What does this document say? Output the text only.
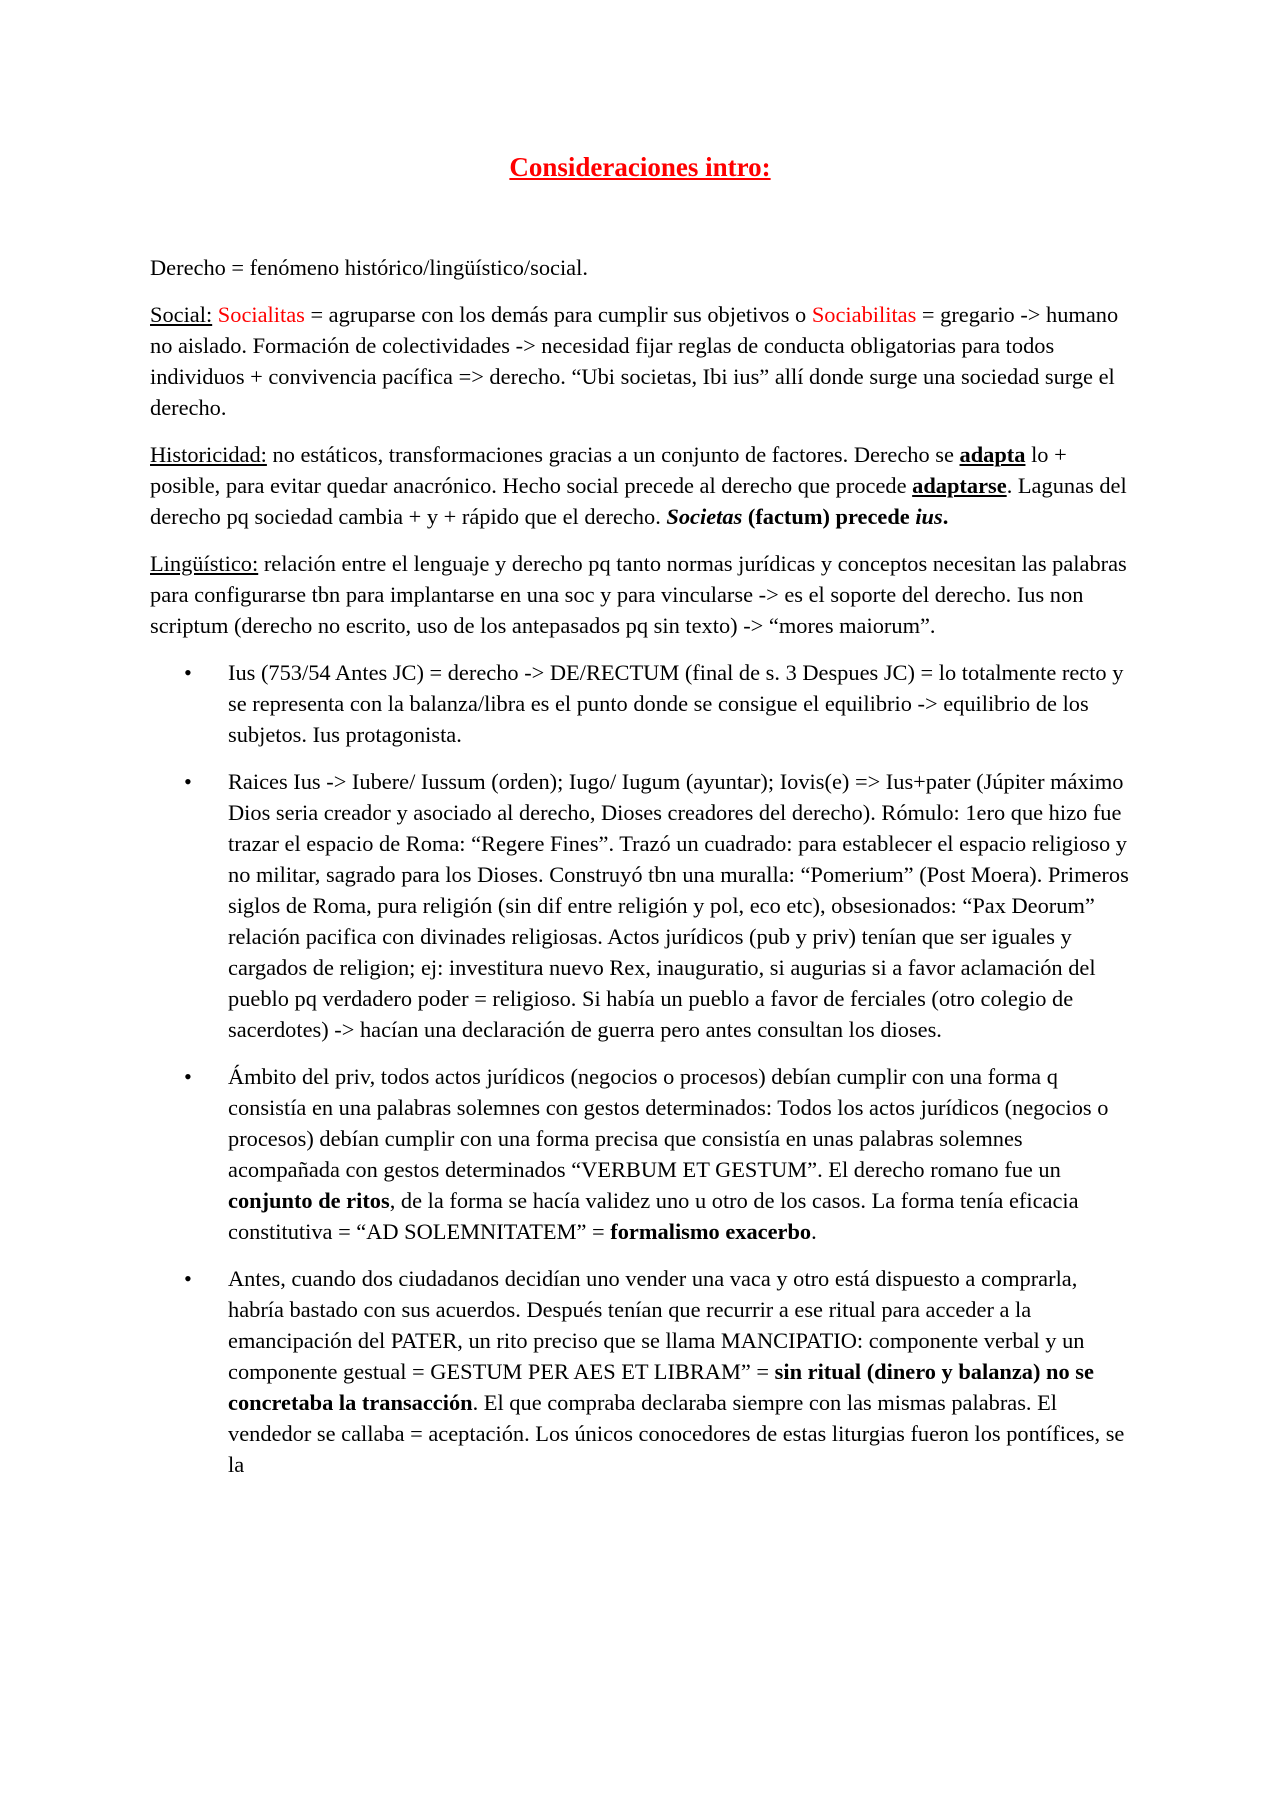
Consideraciones intro:

Derecho = fenómeno histórico/lingüístico/social.

Social: Socialitas = agruparse con los demás para cumplir sus objetivos o Sociabilitas = gregario -> humano no aislado. Formación de colectividades -> necesidad fijar reglas de conducta obligatorias para todos individuos + convivencia pacífica => derecho. “Ubi societas, Ibi ius” allí donde surge una sociedad surge el derecho.

Historicidad: no estáticos, transformaciones gracias a un conjunto de factores. Derecho se adapta lo + posible, para evitar quedar anacrónico. Hecho social precede al derecho que procede adaptarse. Lagunas del derecho pq sociedad cambia + y + rápido que el derecho. Societas (factum) precede ius.

Lingüístico: relación entre el lenguaje y derecho pq tanto normas jurídicas y conceptos necesitan las palabras para configurarse tbn para implantarse en una soc y para vincularse -> es el soporte del derecho. Ius non scriptum (derecho no escrito, uso de los antepasados pq sin texto) -> “mores maiorum”.

• Ius (753/54 Antes JC) = derecho -> DE/RECTUM (final de s. 3 Despues JC) = lo totalmente recto y se representa con la balanza/libra es el punto donde se consigue el equilibrio -> equilibrio de los subjetos. Ius protagonista.
• Raices Ius -> Iubere/ Iussum (orden); Iugo/ Iugum (ayuntar); Iovis(e) => Ius+pater (Júpiter máximo Dios seria creador y asociado al derecho, Dioses creadores del derecho). Rómulo: 1ero que hizo fue trazar el espacio de Roma: “Regere Fines”. Trazó un cuadrado: para establecer el espacio religioso y no militar, sagrado para los Dioses. Construyó tbn una muralla: “Pomerium” (Post Moera). Primeros siglos de Roma, pura religión (sin dif entre religión y pol, eco etc), obsesionados: “Pax Deorum” relación pacifica con divinades religiosas. Actos jurídicos (pub y priv) tenían que ser iguales y cargados de religion; ej: investitura nuevo Rex, inauguratio, si augurias si a favor aclamación del pueblo pq verdadero poder = religioso. Si había un pueblo a favor de ferciales (otro colegio de sacerdotes) -> hacían una declaración de guerra pero antes consultan los dioses.
• Ámbito del priv, todos actos jurídicos (negocios o procesos) debían cumplir con una forma q consistía en una palabras solemnes con gestos determinados: Todos los actos jurídicos (negocios o procesos) debían cumplir con una forma precisa que consistía en unas palabras solemnes acompañada con gestos determinados “VERBUM ET GESTUM”. El derecho romano fue un conjunto de ritos, de la forma se hacía validez uno u otro de los casos. La forma tenía eficacia constitutiva = “AD SOLEMNITATEM” = formalismo exacerbo.
• Antes, cuando dos ciudadanos decidían uno vender una vaca y otro está dispuesto a comprarla, habría bastado con sus acuerdos. Después tenían que recurrir a ese ritual para acceder a la emancipación del PATER, un rito preciso que se llama MANCIPATIO: componente verbal y un componente gestual = GESTUM PER AES ET LIBRAM” = sin ritual (dinero y balanza) no se concretaba la transacción. El que compraba declaraba siempre con las mismas palabras. El vendedor se callaba = aceptación. Los únicos conocedores de estas liturgias fueron los pontífices, se la
